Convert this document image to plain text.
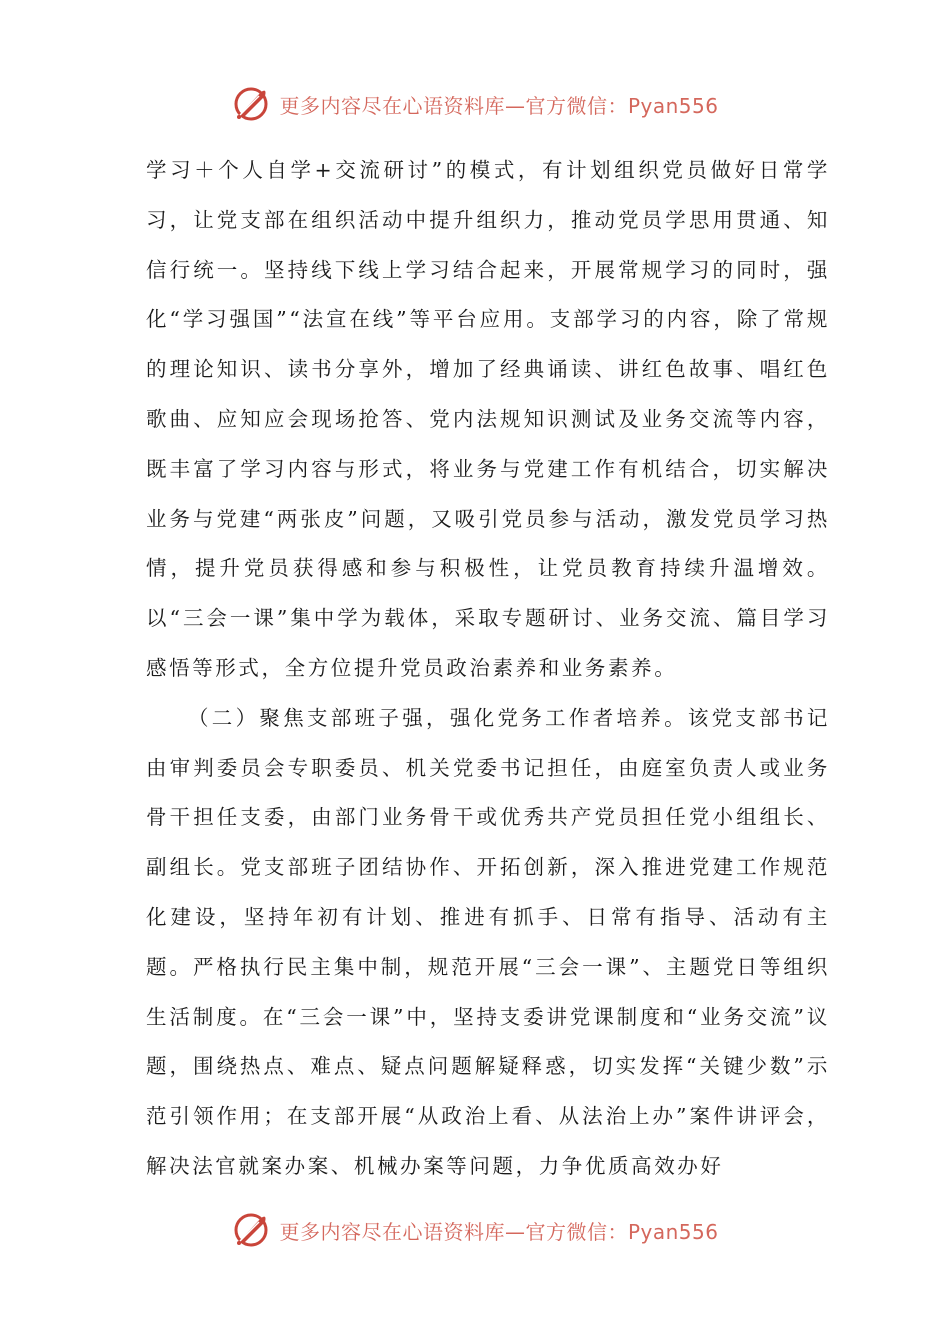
更多内容尽在心语资料库—官方微信：Pyan556

学习＋个人自学+交流研讨”的模式，有计划组织党员做好日常学习，让党支部在组织活动中提升组织力，推动党员学思用贯通、知信行统一。坚持线下线上学习结合起来，开展常规学习的同时，强化“学习强国”“法宣在线”等平台应用。支部学习的内容，除了常规的理论知识、读书分享外，增加了经典诵读、讲红色故事、唱红色歌曲、应知应会现场抢答、党内法规知识测试及业务交流等内容，既丰富了学习内容与形式，将业务与党建工作有机结合，切实解决业务与党建“两张皮”问题，又吸引党员参与活动，激发党员学习热情，提升党员获得感和参与积极性，让党员教育持续升温增效。以“三会一课”集中学为载体，采取专题研讨、业务交流、篇目学习感悟等形式，全方位提升党员政治素养和业务素养。

（二）聚焦支部班子强，强化党务工作者培养。该党支部书记由审判委员会专职委员、机关党委书记担任，由庭室负责人或业务骨干担任支委，由部门业务骨干或优秀共产党员担任党小组组长、副组长。党支部班子团结协作、开拓创新，深入推进党建工作规范化建设，坚持年初有计划、推进有抓手、日常有指导、活动有主题。严格执行民主集中制，规范开展“三会一课”、主题党日等组织生活制度。在“三会一课”中，坚持支委讲党课制度和“业务交流”议题，围绕热点、难点、疑点问题解疑释惑，切实发挥“关键少数”示范引领作用；在支部开展“从政治上看、从法治上办”案件讲评会，解决法官就案办案、机械办案等问题，力争优质高效办好

更多内容尽在心语资料库—官方微信：Pyan556
